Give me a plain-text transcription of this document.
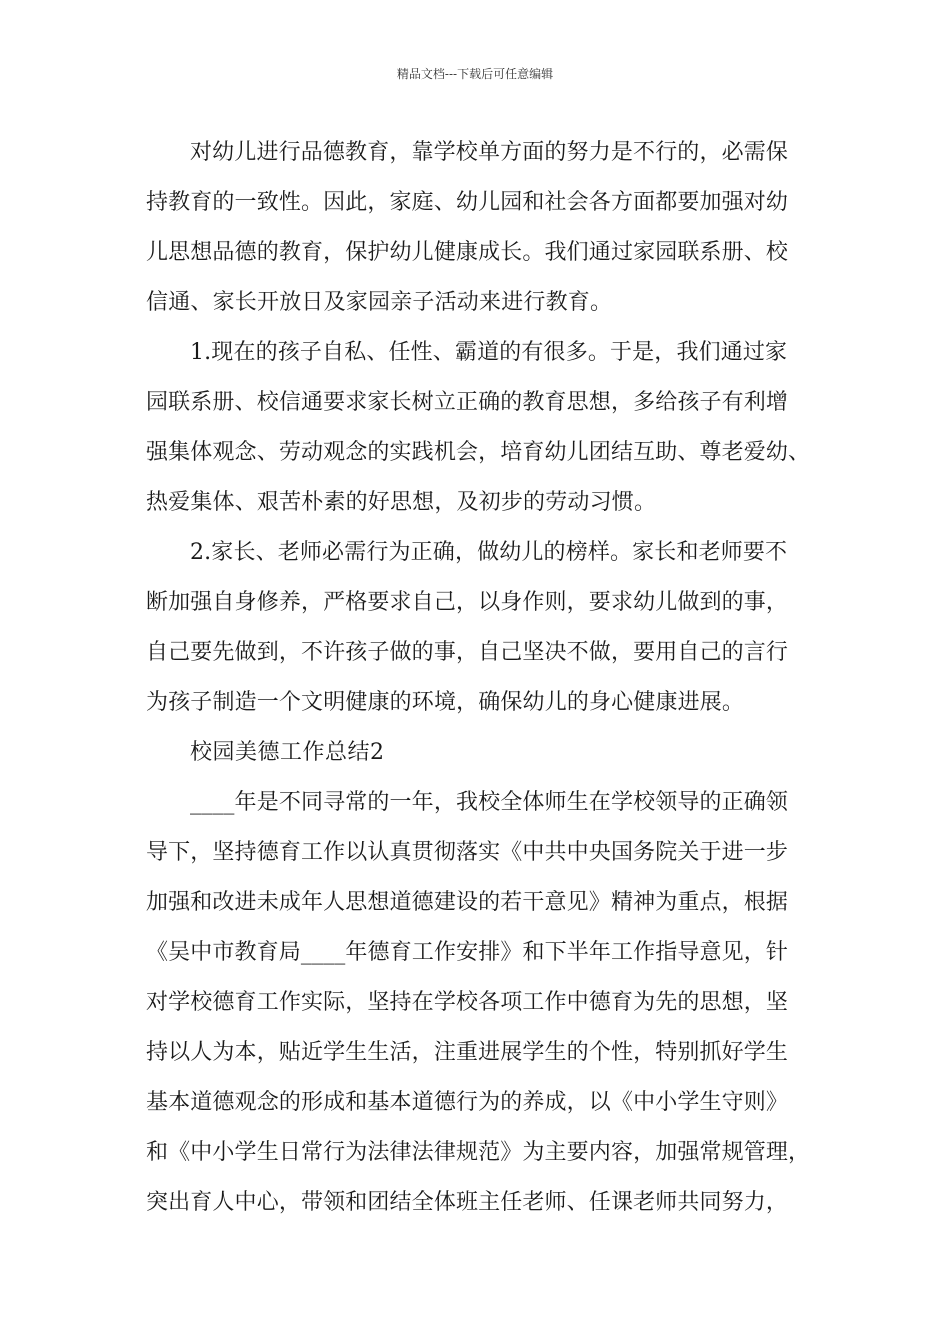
精品文档---下载后可任意编辑
对幼儿进行品德教育，靠学校单方面的努力是不行的，必需保
持教育的一致性。因此，家庭、幼儿园和社会各方面都要加强对幼
儿思想品德的教育，保护幼儿健康成长。我们通过家园联系册、校
信通、家长开放日及家园亲子活动来进行教育。
1.现在的孩子自私、任性、霸道的有很多。于是，我们通过家
园联系册、校信通要求家长树立正确的教育思想，多给孩子有利增
强集体观念、劳动观念的实践机会，培育幼儿团结互助、尊老爱幼、
热爱集体、艰苦朴素的好思想，及初步的劳动习惯。
2.家长、老师必需行为正确，做幼儿的榜样。家长和老师要不
断加强自身修养，严格要求自己，以身作则，要求幼儿做到的事，
自己要先做到，不许孩子做的事，自己坚决不做，要用自己的言行
为孩子制造一个文明健康的环境，确保幼儿的身心健康进展。
校园美德工作总结2
____年是不同寻常的一年，我校全体师生在学校领导的正确领
导下，坚持德育工作以认真贯彻落实《中共中央国务院关于进一步
加强和改进未成年人思想道德建设的若干意见》精神为重点，根据
《吴中市教育局____年德育工作安排》和下半年工作指导意见，针
对学校德育工作实际，坚持在学校各项工作中德育为先的思想，坚
持以人为本，贴近学生生活，注重进展学生的个性，特别抓好学生
基本道德观念的形成和基本道德行为的养成，以《中小学生守则》
和《中小学生日常行为法律法律规范》为主要内容，加强常规管理，
突出育人中心，带领和团结全体班主任老师、任课老师共同努力，
